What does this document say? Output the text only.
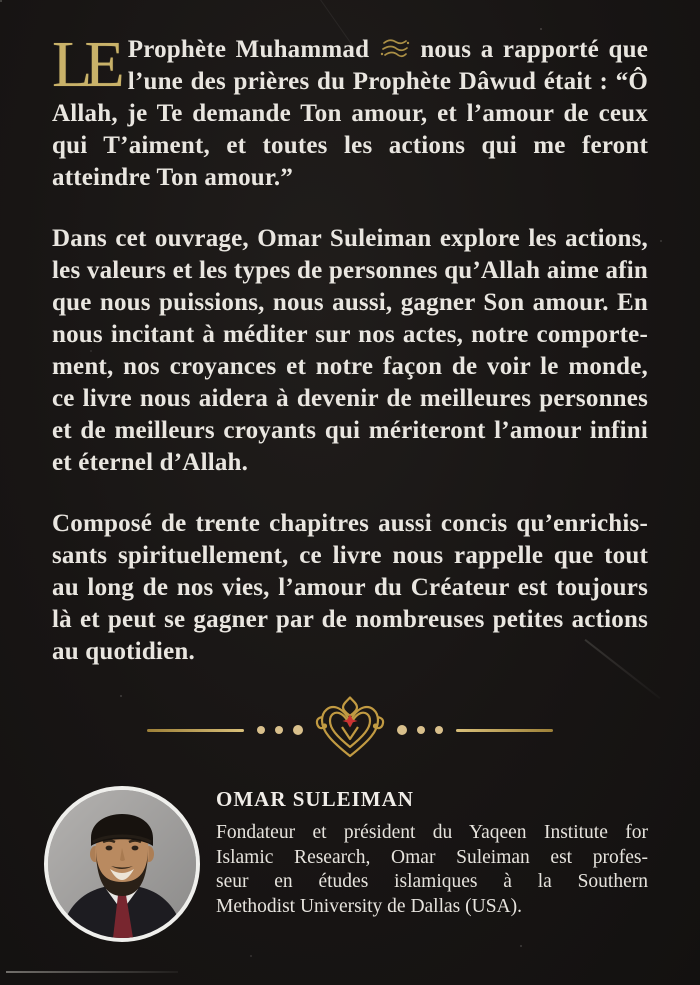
LE Prophète Muhammad nous a rapporté que
l’une des prières du Prophète Dâwud était : “Ô
Allah, je Te demande Ton amour, et l’amour de ceux
qui T’aiment, et toutes les actions qui me feront
atteindre Ton amour.”
Dans cet ouvrage, Omar Suleiman explore les actions,
les valeurs et les types de personnes qu’Allah aime afin
que nous puissions, nous aussi, gagner Son amour. En
nous incitant à méditer sur nos actes, notre comporte-
ment, nos croyances et notre façon de voir le monde,
ce livre nous aidera à devenir de meilleures personnes
et de meilleurs croyants qui mériteront l’amour infini
et éternel d’Allah.
Composé de trente chapitres aussi concis qu’enrichis-
sants spirituellement, ce livre nous rappelle que tout
au long de nos vies, l’amour du Créateur est toujours
là et peut se gagner par de nombreuses petites actions
au quotidien.
OMAR SULEIMAN
Fondateur et président du Yaqeen Institute for
Islamic Research, Omar Suleiman est profes-
seur en études islamiques à la Southern
Methodist University de Dallas (USA).
